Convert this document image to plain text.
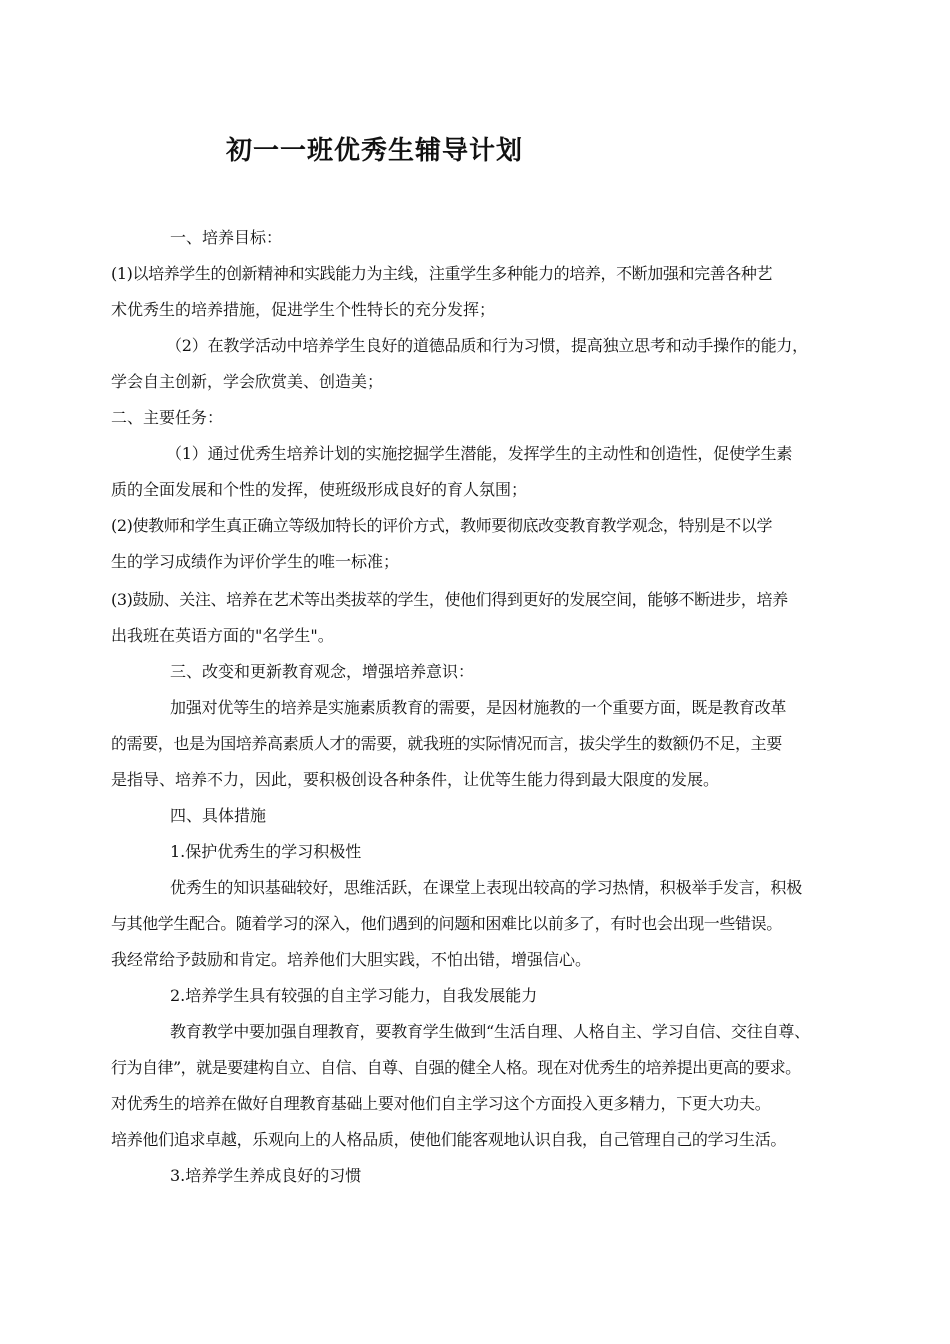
初一一班优秀生辅导计划
一、培养目标：
(1)以培养学生的创新精神和实践能力为主线，注重学生多种能力的培养，不断加强和完善各种艺
术优秀生的培养措施，促进学生个性特长的充分发挥；
（2）在教学活动中培养学生良好的道德品质和行为习惯，提高独立思考和动手操作的能力，
学会自主创新，学会欣赏美、创造美；
二、主要任务：
（1）通过优秀生培养计划的实施挖掘学生潜能，发挥学生的主动性和创造性，促使学生素
质的全面发展和个性的发挥，使班级形成良好的育人氛围；
(2)使教师和学生真正确立等级加特长的评价方式，教师要彻底改变教育教学观念，特别是不以学
生的学习成绩作为评价学生的唯一标准；
(3)鼓励、关注、培养在艺术等出类拔萃的学生，使他们得到更好的发展空间，能够不断进步，培养
出我班在英语方面的"名学生"。
三、改变和更新教育观念，增强培养意识：
加强对优等生的培养是实施素质教育的需要，是因材施教的一个重要方面，既是教育改革
的需要，也是为国培养高素质人才的需要，就我班的实际情况而言，拔尖学生的数额仍不足，主要
是指导、培养不力，因此，要积极创设各种条件，让优等生能力得到最大限度的发展。
四、具体措施
1.保护优秀生的学习积极性
优秀生的知识基础较好，思维活跃，在课堂上表现出较高的学习热情，积极举手发言，积极
与其他学生配合。随着学习的深入，他们遇到的问题和困难比以前多了，有时也会出现一些错误。
我经常给予鼓励和肯定。培养他们大胆实践，不怕出错，增强信心。
2.培养学生具有较强的自主学习能力，自我发展能力
教育教学中要加强自理教育，要教育学生做到“生活自理、人格自主、学习自信、交往自尊、
行为自律”，就是要建构自立、自信、自尊、自强的健全人格。现在对优秀生的培养提出更高的要求。
对优秀生的培养在做好自理教育基础上要对他们自主学习这个方面投入更多精力，下更大功夫。
培养他们追求卓越，乐观向上的人格品质，使他们能客观地认识自我，自己管理自己的学习生活。
3.培养学生养成良好的习惯
